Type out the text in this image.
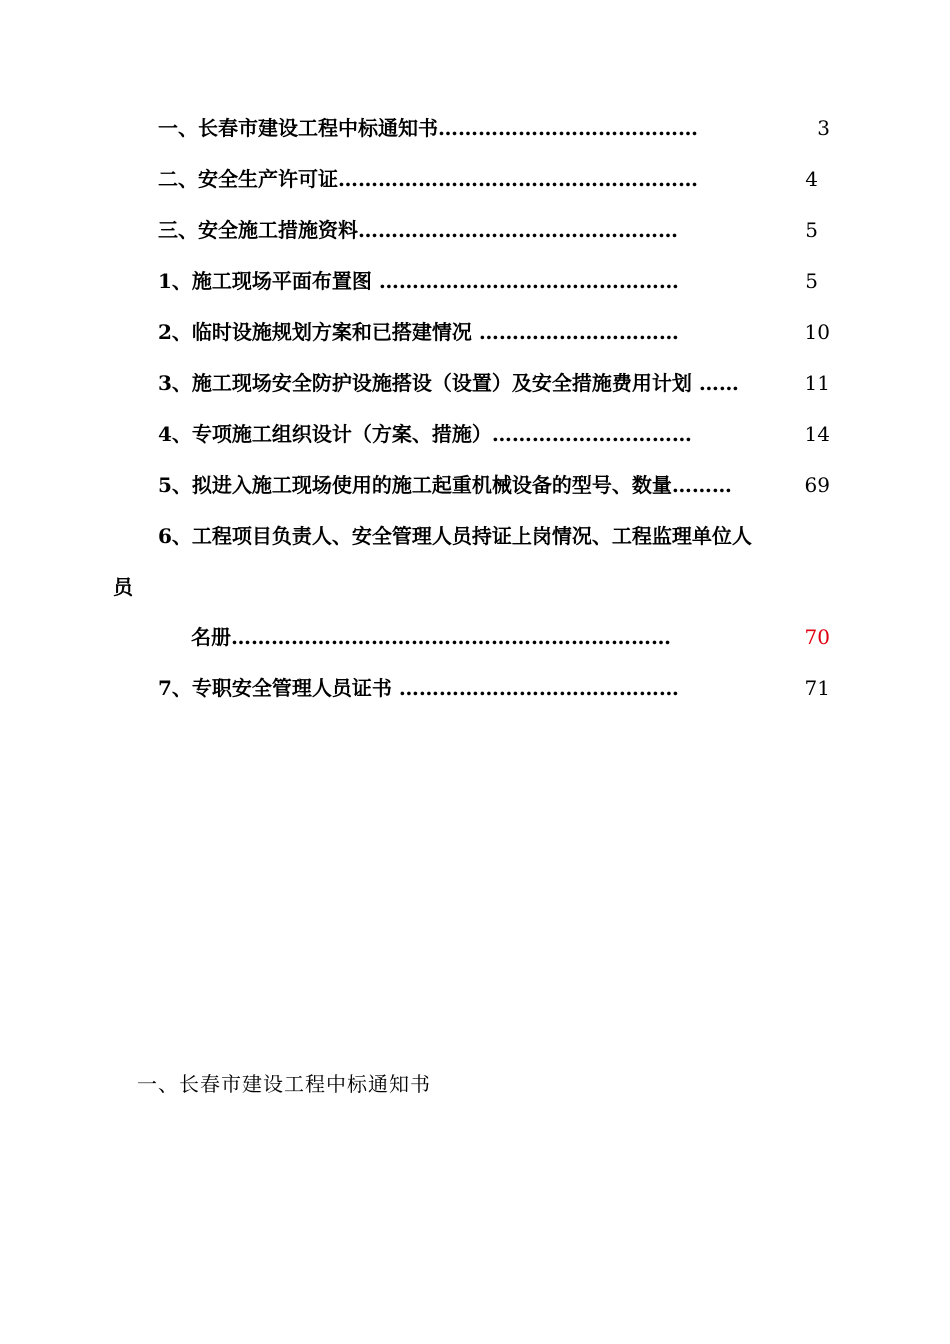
一、长春市建设工程中标通知书…………………………………	3
二、安全生产许可证………………………………………………	4
三、安全施工措施资料…………………………………………	5
1、施工现场平面布置图 ………………………………………	5
2、临时设施规划方案和已搭建情况 …………………………	10
3、施工现场安全防护设施搭设（设置）及安全措施费用计划 ……	11
4、专项施工组织设计（方案、措施）…………………………	14
5、拟进入施工现场使用的施工起重机械设备的型号、数量………	69
6、工程项目负责人、安全管理人员持证上岗情况、工程监理单位人
员
名册…………………………………………………………	70
7、专职安全管理人员证书 ……………………………………	71
一、长春市建设工程中标通知书
